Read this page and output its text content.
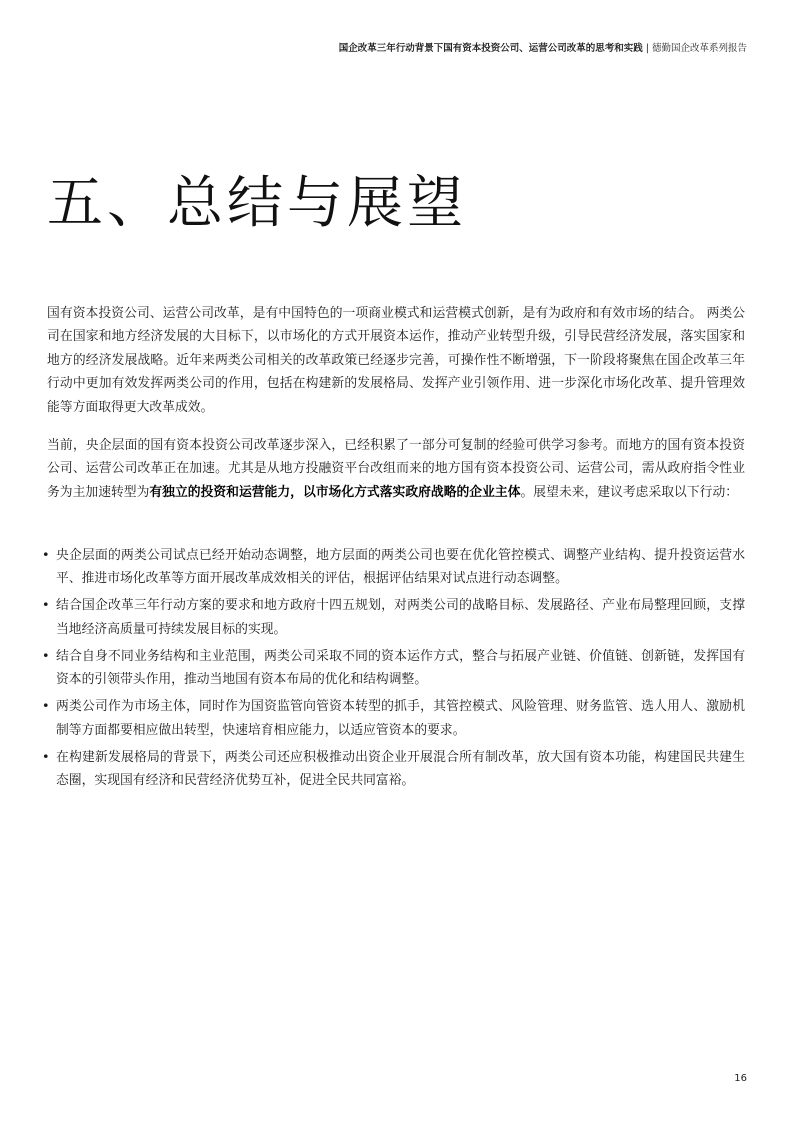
国企改革三年行动背景下国有资本投资公司、运营公司改革的思考和实践 | 德勤国企改革系列报告
五、总结与展望

国有资本投资公司、运营公司改革，是有中国特色的一项商业模式和运营模式创新，是有为政府和有效市场的结合。 两类公司在国家和地方经济发展的大目标下，以市场化的方式开展资本运作，推动产业转型升级，引导民营经济发展，落实国家和地方的经济发展战略。近年来两类公司相关的改革政策已经逐步完善，可操作性不断增强，下一阶段将聚焦在国企改革三年行动中更加有效发挥两类公司的作用，包括在构建新的发展格局、发挥产业引领作用、进一步深化市场化改革、提升管理效能等方面取得更大改革成效。

当前，央企层面的国有资本投资公司改革逐步深入，已经积累了一部分可复制的经验可供学习参考。而地方的国有资本投资公司、运营公司改革正在加速。尤其是从地方投融资平台改组而来的地方国有资本投资公司、运营公司，需从政府指令性业务为主加速转型为有独立的投资和运营能力，以市场化方式落实政府战略的企业主体。展望未来，建议考虑采取以下行动：

• 央企层面的两类公司试点已经开始动态调整，地方层面的两类公司也要在优化管控模式、调整产业结构、提升投资运营水平、推进市场化改革等方面开展改革成效相关的评估，根据评估结果对试点进行动态调整。
• 结合国企改革三年行动方案的要求和地方政府十四五规划，对两类公司的战略目标、发展路径、产业布局整理回顾，支撑当地经济高质量可持续发展目标的实现。
• 结合自身不同业务结构和主业范围，两类公司采取不同的资本运作方式，整合与拓展产业链、价值链、创新链，发挥国有资本的引领带头作用，推动当地国有资本布局的优化和结构调整。
• 两类公司作为市场主体，同时作为国资监管向管资本转型的抓手，其管控模式、风险管理、财务监管、选人用人、激励机制等方面都要相应做出转型，快速培育相应能力，以适应管资本的要求。
• 在构建新发展格局的背景下，两类公司还应积极推动出资企业开展混合所有制改革，放大国有资本功能，构建国民共建生态圈，实现国有经济和民营经济优势互补，促进全民共同富裕。
16
